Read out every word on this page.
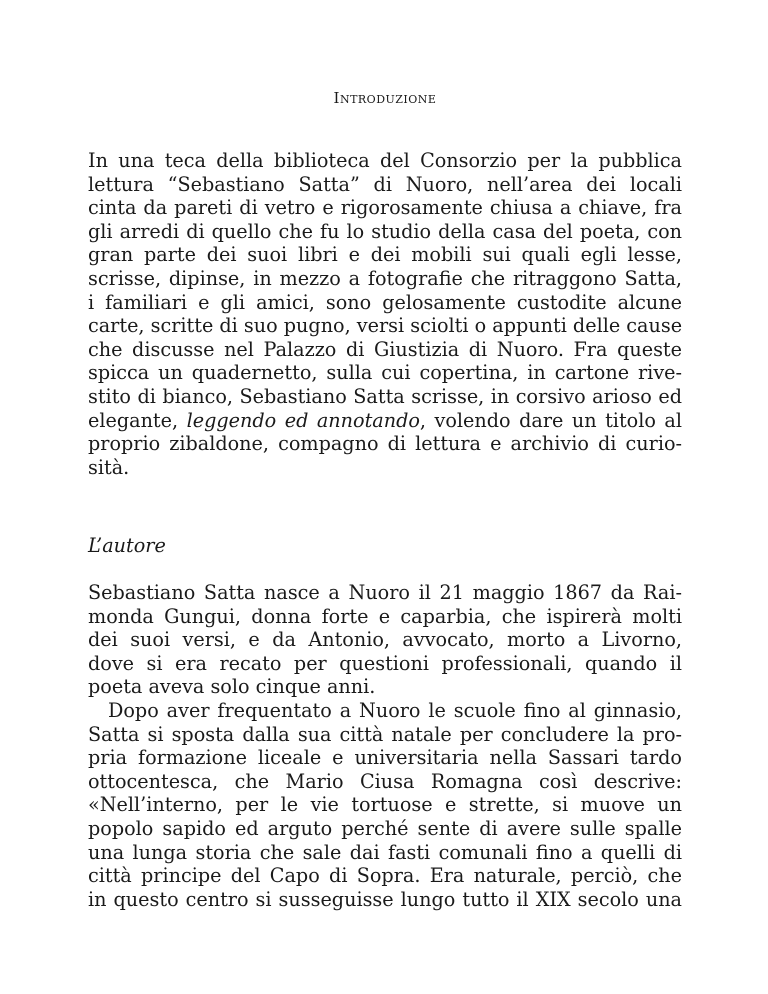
Introduzione

In una teca della biblioteca del Consorzio per la pubblica
lettura “Sebastiano Satta” di Nuoro, nell’area dei locali
cinta da pareti di vetro e rigorosamente chiusa a chiave, fra
gli arredi di quello che fu lo studio della casa del poeta, con
gran parte dei suoi libri e dei mobili sui quali egli lesse,
scrisse, dipinse, in mezzo a fotografie che ritraggono Satta,
i familiari e gli amici, sono gelosamente custodite alcune
carte, scritte di suo pugno, versi sciolti o appunti delle cause
che discusse nel Palazzo di Giustizia di Nuoro. Fra queste
spicca un quadernetto, sulla cui copertina, in cartone rive-
stito di bianco, Sebastiano Satta scrisse, in corsivo arioso ed
elegante, leggendo ed annotando, volendo dare un titolo al
proprio zibaldone, compagno di lettura e archivio di curio-
sità.

L’autore

Sebastiano Satta nasce a Nuoro il 21 maggio 1867 da Rai-
monda Gungui, donna forte e caparbia, che ispirerà molti
dei suoi versi, e da Antonio, avvocato, morto a Livorno,
dove si era recato per questioni professionali, quando il
poeta aveva solo cinque anni.

Dopo aver frequentato a Nuoro le scuole fino al ginnasio,
Satta si sposta dalla sua città natale per concludere la pro-
pria formazione liceale e universitaria nella Sassari tardo
ottocentesca, che Mario Ciusa Romagna così descrive:
«Nell’interno, per le vie tortuose e strette, si muove un
popolo sapido ed arguto perché sente di avere sulle spalle
una lunga storia che sale dai fasti comunali fino a quelli di
città principe del Capo di Sopra. Era naturale, perciò, che
in questo centro si susseguisse lungo tutto il XIX secolo una
